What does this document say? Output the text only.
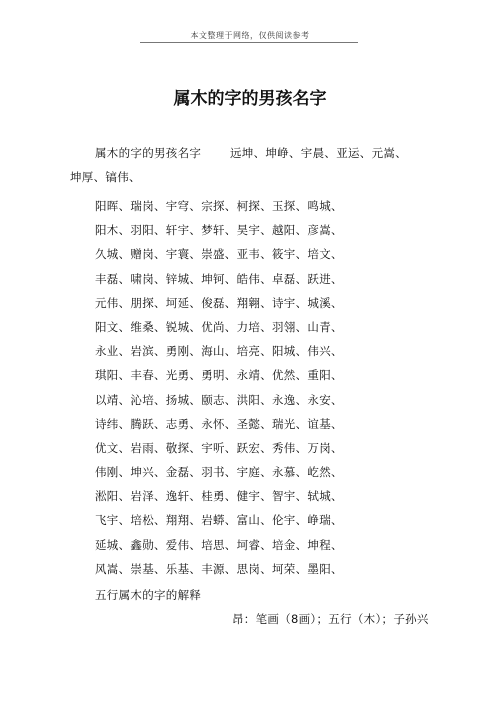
本文整理于网络，仅供阅读参考
属木的字的男孩名字
属木的字的男孩名字	远坤、坤峥、宇晨、亚运、元嵩、
坤厚、镐伟、
阳晖、瑞岗、宇穹、宗探、柯探、玉探、鸣城、
阳木、羽阳、轩宇、梦轩、昊宇、越阳、彦嵩、
久城、赠岗、宇寰、崇盛、亚韦、筱宇、培文、
丰磊、啸岗、锌城、坤钶、皓伟、卓磊、跃进、
元伟、朋探、坷延、俊磊、翔翱、诗宇、城溪、
阳文、维桑、锐城、优尚、力培、羽翎、山青、
永业、岩滨、勇刚、海山、培亮、阳城、伟兴、
琪阳、丰春、光勇、勇明、永靖、优然、重阳、
以靖、沁培、扬城、颐志、洪阳、永逸、永安、
诗纬、腾跃、志勇、永怀、圣懿、瑞光、谊基、
优文、岩雨、敬探、宇听、跃宏、秀伟、万岗、
伟刚、坤兴、金磊、羽书、宇庭、永慕、屹然、
淞阳、岩泽、逸轩、桂勇、健宇、智宇、轼城、
飞宇、培松、翔翔、岩蟒、富山、伦宇、峥瑞、
延城、鑫勋、爱伟、培思、坷睿、培金、坤程、
风嵩、崇基、乐基、丰源、思岗、坷荣、墨阳、
五行属木的字的解释
昂：笔画（8画）；五行（木）；子孙兴
